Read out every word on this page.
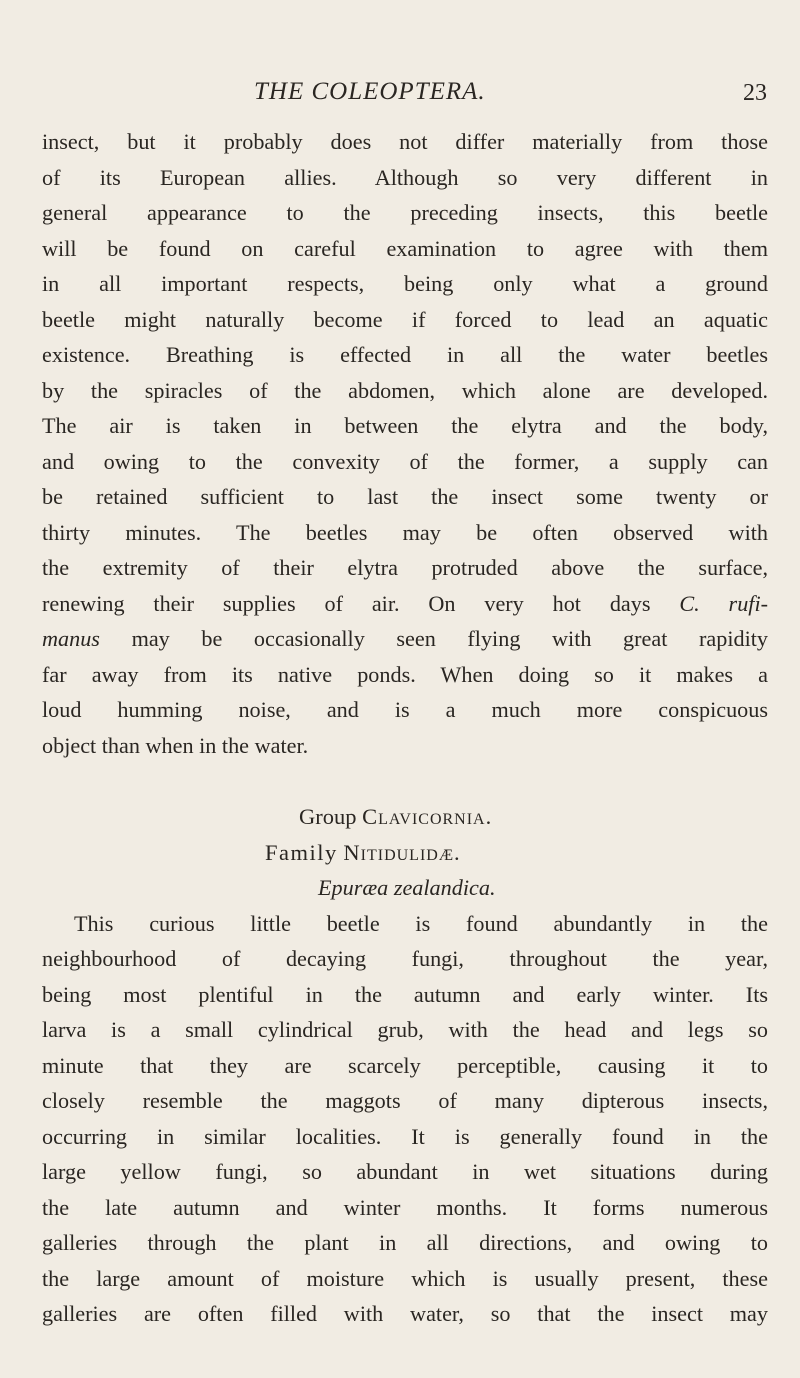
THE COLEOPTERA.	23
insect, but it probably does not differ materially from those
of its European allies. Although so very different in
general appearance to the preceding insects, this beetle
will be found on careful examination to agree with them
in all important respects, being only what a ground
beetle might naturally become if forced to lead an aquatic
existence. Breathing is effected in all the water beetles
by the spiracles of the abdomen, which alone are developed.
The air is taken in between the elytra and the body,
and owing to the convexity of the former, a supply can
be retained sufficient to last the insect some twenty or
thirty minutes. The beetles may be often observed with
the extremity of their elytra protruded above the surface,
renewing their supplies of air. On very hot days C. rufi-
manus may be occasionally seen flying with great rapidity
far away from its native ponds. When doing so it makes a
loud humming noise, and is a much more conspicuous
object than when in the water.
Group Clavicornia.
Family Nitidulidæ.
Epuræa zealandica.
This curious little beetle is found abundantly in the
neighbourhood of decaying fungi, throughout the year,
being most plentiful in the autumn and early winter. Its
larva is a small cylindrical grub, with the head and legs so
minute that they are scarcely perceptible, causing it to
closely resemble the maggots of many dipterous insects,
occurring in similar localities. It is generally found in the
large yellow fungi, so abundant in wet situations during
the late autumn and winter months. It forms numerous
galleries through the plant in all directions, and owing to
the large amount of moisture which is usually present, these
galleries are often filled with water, so that the insect may
